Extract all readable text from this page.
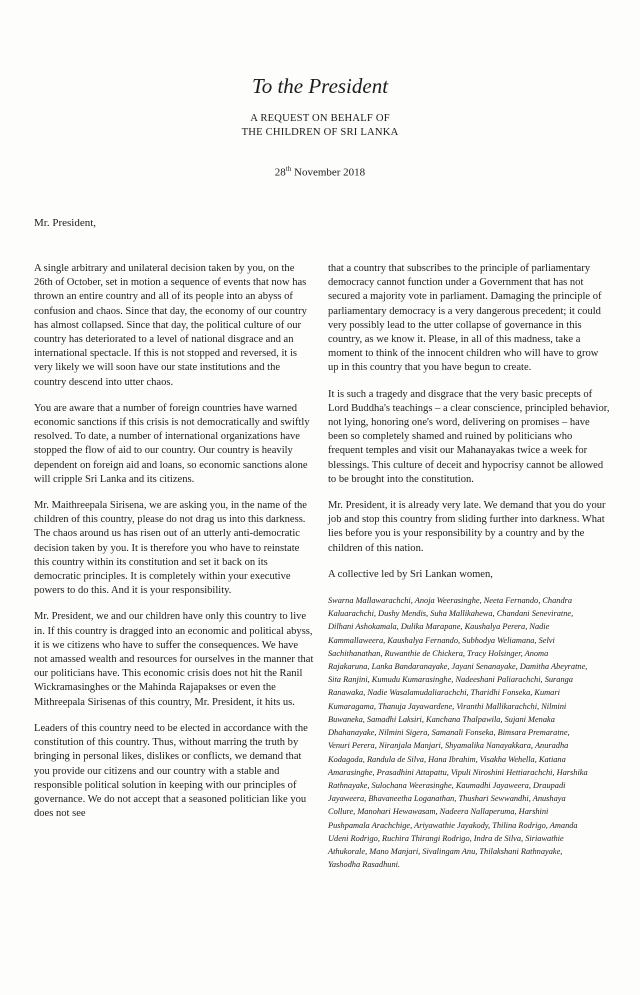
To the President
A REQUEST ON BEHALF OF
THE CHILDREN OF SRI LANKA
28th November 2018
Mr. President,

A single arbitrary and unilateral decision taken by you, on the 26th of October, set in motion a sequence of events that now has thrown an entire country and all of its people into an abyss of confusion and chaos. Since that day, the economy of our country has almost collapsed. Since that day, the political culture of our country has deteriorated to a level of national disgrace and an international spectacle. If this is not stopped and reversed, it is very likely we will soon have our state institutions and the country descend into utter chaos.

You are aware that a number of foreign countries have warned economic sanctions if this crisis is not democratically and swiftly resolved. To date, a number of international organizations have stopped the flow of aid to our country. Our country is heavily dependent on foreign aid and loans, so economic sanctions alone will cripple Sri Lanka and its citizens.

Mr. Maithreepala Sirisena, we are asking you, in the name of the children of this country, please do not drag us into this darkness. The chaos around us has risen out of an utterly anti-democratic decision taken by you. It is therefore you who have to reinstate this country within its constitution and set it back on its democratic principles. It is completely within your executive powers to do this. And it is your responsibility.

Mr. President, we and our children have only this country to live in. If this country is dragged into an economic and political abyss, it is we citizens who have to suffer the consequences. We have not amassed wealth and resources for ourselves in the manner that our politicians have. This economic crisis does not hit the Ranil Wickramasinghes or the Mahinda Rajapakses or even the Mithreepala Sirisenas of this country, Mr. President, it hits us.

Leaders of this country need to be elected in accordance with the constitution of this country. Thus, without marring the truth by bringing in personal likes, dislikes or conflicts, we demand that you provide our citizens and our country with a stable and responsible political solution in keeping with our principles of governance. We do not accept that a seasoned politician like you does not see

that a country that subscribes to the principle of parliamentary democracy cannot function under a Government that has not secured a majority vote in parliament. Damaging the principle of parliamentary democracy is a very dangerous precedent; it could very possibly lead to the utter collapse of governance in this country, as we know it. Please, in all of this madness, take a moment to think of the innocent children who will have to grow up in this country that you have begun to create.

It is such a tragedy and disgrace that the very basic precepts of Lord Buddha's teachings – a clear conscience, principled behavior, not lying, honoring one's word, delivering on promises – have been so completely shamed and ruined by politicians who frequent temples and visit our Mahanayakas twice a week for blessings. This culture of deceit and hypocrisy cannot be allowed to be brought into the constitution.

Mr. President, it is already very late. We demand that you do your job and stop this country from sliding further into darkness. What lies before you is your responsibility by a country and by the children of this nation.

A collective led by Sri Lankan women,

Swarna Mallawarachchi, Anoja Weerasinghe, Neeta Fernando, Chandra Kaluarachchi, Dushy Mendis, Suha Mallikahewa, Chandani Seneviratne, Dilhani Ashokamala, Dulika Marapane, Kaushalya Perera, Nadie Kammallaweera, Kaushalya Fernando, Subhodya Weliamana, Selvi Sachithanathan, Ruwanthie de Chickera, Tracy Holsinger, Anoma Rajakaruna, Lanka Bandaranayake, Jayani Senanayake, Damitha Abeyratne, Sita Ranjini, Kumudu Kumarasinghe, Nadeeshani Paliarachchi, Suranga Ranawaka, Nadie Wasalamudaliarachchi, Tharidhi Fonseka, Kumari Kumaragama, Thanuja Jayawardene, Viranthi Mallikarachchi, Nilmini Buwaneka, Samadhi Laksiri, Kanchana Thalpawila, Sujani Menaka Dhahanayake, Nilmini Sigera, Samanali Fonseka, Bimsara Premaratne, Venuri Perera, Niranjala Manjari, Shyamalika Nanayakkara, Anuradha Kodagoda, Randula de Silva, Hana Ibrahim, Visakha Wehella, Katiana Amarasinghe, Prasadhini Attapattu, Vipuli Niroshini Hettiarachchi, Harshika Rathnayake, Sulochana Weerasinghe, Kaumadhi Jayaweera, Draupadi Jayaweera, Bhavaneetha Loganathan, Thushari Sewwandhi, Anushaya Collure, Manohari Hewawasam, Nadeera Nallaperuma, Harshini Pushpamala Arachchige, Ariyawathie Jayakody, Thilina Rodrigo, Amanda Udeni Rodrigo, Ruchira Thirangi Rodrigo, Indra de Silva, Siriawathie Athukorale, Mano Manjari, Sivalingam Anu, Thilakshani Rathnayake, Yashodha Rasadhuni.
